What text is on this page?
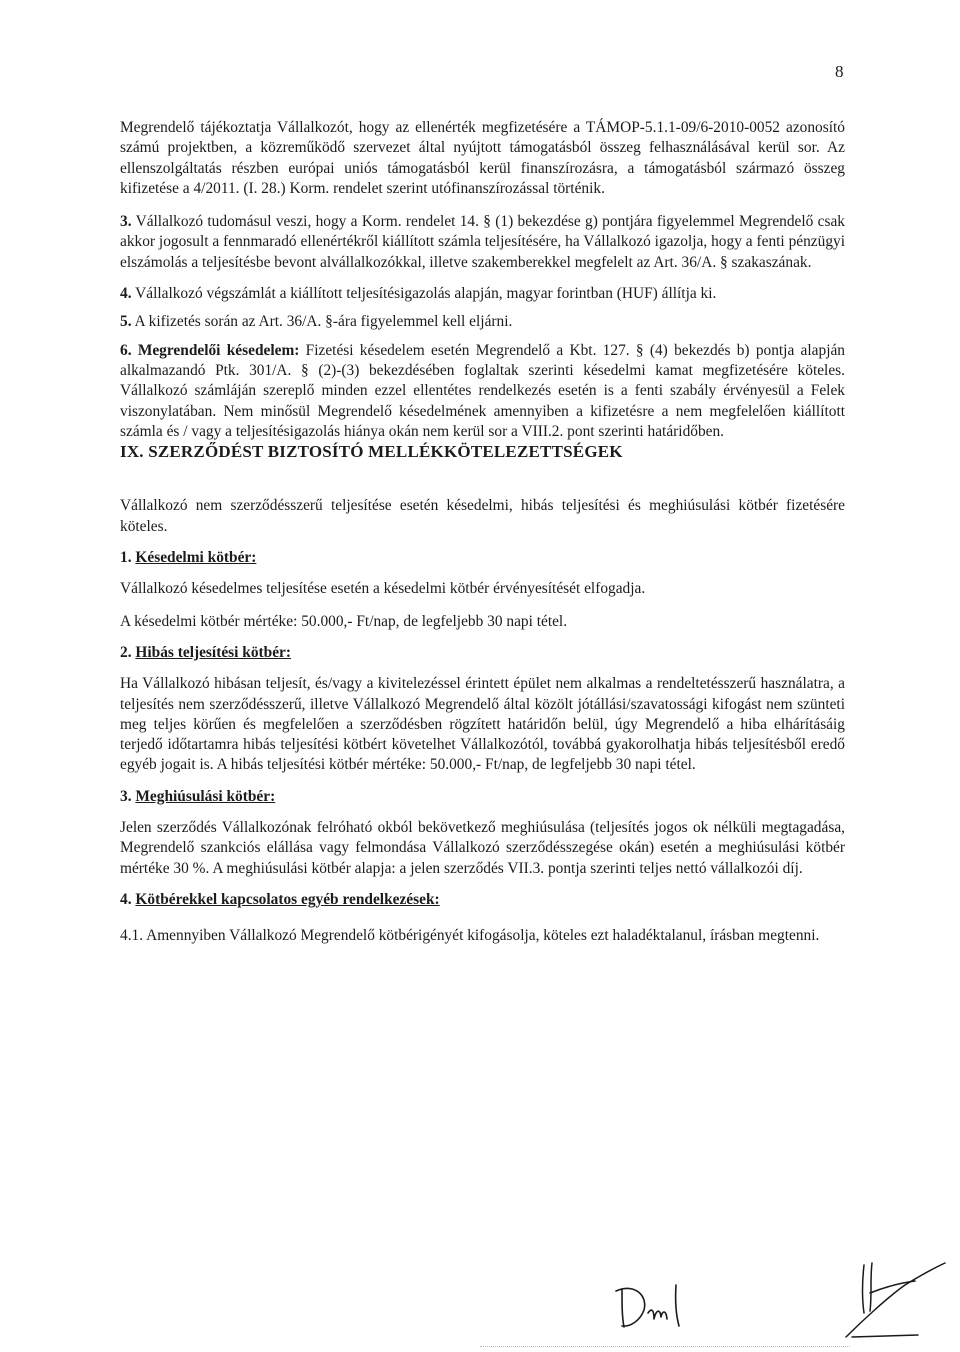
8

Megrendelő tájékoztatja Vállalkozót, hogy az ellenérték megfizetésére a TÁMOP-5.1.1-09/6-2010-0052 azonosító számú projektben, a közreműködő szervezet által nyújtott támogatásból összeg felhasználásával kerül sor. Az ellenszolgáltatás részben európai uniós támogatásból kerül finanszírozásra, a támogatásból származó összeg kifizetése a 4/2011. (I. 28.) Korm. rendelet szerint utófinanszírozással történik.

3. Vállalkozó tudomásul veszi, hogy a Korm. rendelet 14. § (1) bekezdése g) pontjára figyelemmel Megrendelő csak akkor jogosult a fennmaradó ellenértékről kiállított számla teljesítésére, ha Vállalkozó igazolja, hogy a fenti pénzügyi elszámolás a teljesítésbe bevont alvállalkozókkal, illetve szakemberekkel megfelelt az Art. 36/A. § szakaszának.

4. Vállalkozó végszámlát a kiállított teljesítésigazolás alapján, magyar forintban (HUF) állítja ki.

5. A kifizetés során az Art. 36/A. §-ára figyelemmel kell eljárni.

6. Megrendelői késedelem: Fizetési késedelem esetén Megrendelő a Kbt. 127. § (4) bekezdés b) pontja alapján alkalmazandó Ptk. 301/A. § (2)-(3) bekezdésében foglaltak szerinti késedelmi kamat megfizetésére köteles. Vállalkozó számláján szereplő minden ezzel ellentétes rendelkezés esetén is a fenti szabály érvényesül a Felek viszonylatában. Nem minősül Megrendelő késedelmének amennyiben a kifizetésre a nem megfelelően kiállított számla és / vagy a teljesítésigazolás hiánya okán nem kerül sor a VIII.2. pont szerinti határidőben.

IX. SZERZŐDÉST BIZTOSÍTÓ MELLÉKKÖTELEZETTSÉGEK

Vállalkozó nem szerződésszerű teljesítése esetén késedelmi, hibás teljesítési és meghiúsulási kötbér fizetésére köteles.

1. Késedelmi kötbér:

Vállalkozó késedelmes teljesítése esetén a késedelmi kötbér érvényesítését elfogadja.

A késedelmi kötbér mértéke: 50.000,- Ft/nap, de legfeljebb 30 napi tétel.

2. Hibás teljesítési kötbér:

Ha Vállalkozó hibásan teljesít, és/vagy a kivitelezéssel érintett épület nem alkalmas a rendeltetésszerű használatra, a teljesítés nem szerződésszerű, illetve Vállalkozó Megrendelő által közölt jótállási/szavatossági kifogást nem szünteti meg teljes körűen és megfelelően a szerződésben rögzített határidőn belül, úgy Megrendelő a hiba elhárításáig terjedő időtartamra hibás teljesítési kötbért követelhet Vállalkozótól, továbbá gyakorolhatja hibás teljesítésből eredő egyéb jogait is. A hibás teljesítési kötbér mértéke: 50.000,- Ft/nap, de legfeljebb 30 napi tétel.

3. Meghiúsulási kötbér:

Jelen szerződés Vállalkozónak felróható okból bekövetkező meghiúsulása (teljesítés jogos ok nélküli megtagadása, Megrendelő szankciós elállása vagy felmondása Vállalkozó szerződésszegése okán) esetén a meghiúsulási kötbér mértéke 30 %. A meghiúsulási kötbér alapja: a jelen szerződés VII.3. pontja szerinti teljes nettó vállalkozói díj.

4. Kötbérekkel kapcsolatos egyéb rendelkezések:

4.1. Amennyiben Vállalkozó Megrendelő kötbérigényét kifogásolja, köteles ezt haladéktalanul, írásban megtenni.
